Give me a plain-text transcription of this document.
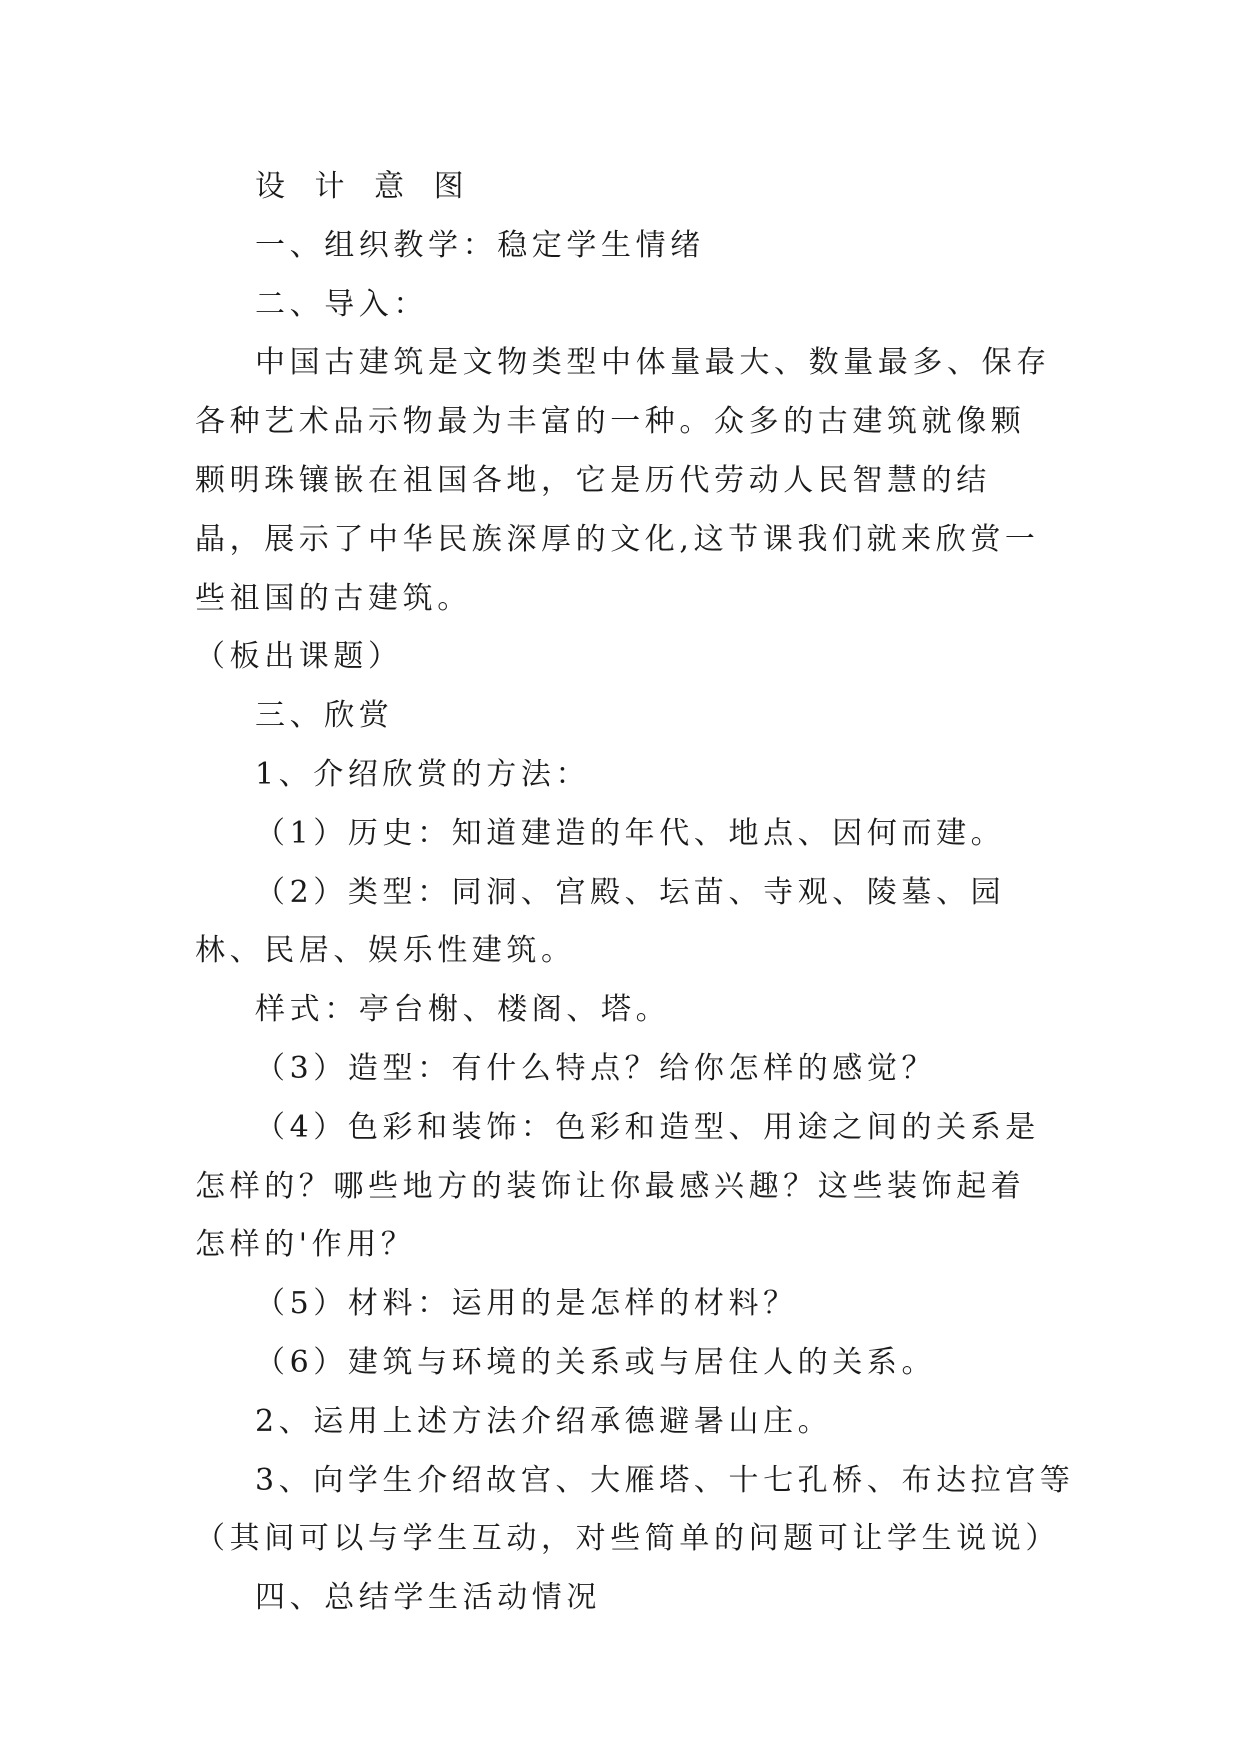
设 计 意 图

一、组织教学：稳定学生情绪

二、导入：

中国古建筑是文物类型中体量最大、数量最多、保存各种艺术品示物最为丰富的一种。众多的古建筑就像颗颗明珠镶嵌在祖国各地，它是历代劳动人民智慧的结晶，展示了中华民族深厚的文化,这节课我们就来欣赏一些祖国的古建筑。

（板出课题）

三、欣赏

1、介绍欣赏的方法：

（1）历史：知道建造的年代、地点、因何而建。

（2）类型：同洞、宫殿、坛苗、寺观、陵墓、园林、民居、娱乐性建筑。

样式：亭台榭、楼阁、塔。

（3）造型：有什么特点？给你怎样的感觉？

（4）色彩和装饰：色彩和造型、用途之间的关系是怎样的？哪些地方的装饰让你最感兴趣？这些装饰起着怎样的'作用？

（5）材料：运用的是怎样的材料？

（6）建筑与环境的关系或与居住人的关系。

2、运用上述方法介绍承德避暑山庄。

3、向学生介绍故宫、大雁塔、十七孔桥、布达拉宫等

（其间可以与学生互动，对些简单的问题可让学生说说）

四、总结学生活动情况
